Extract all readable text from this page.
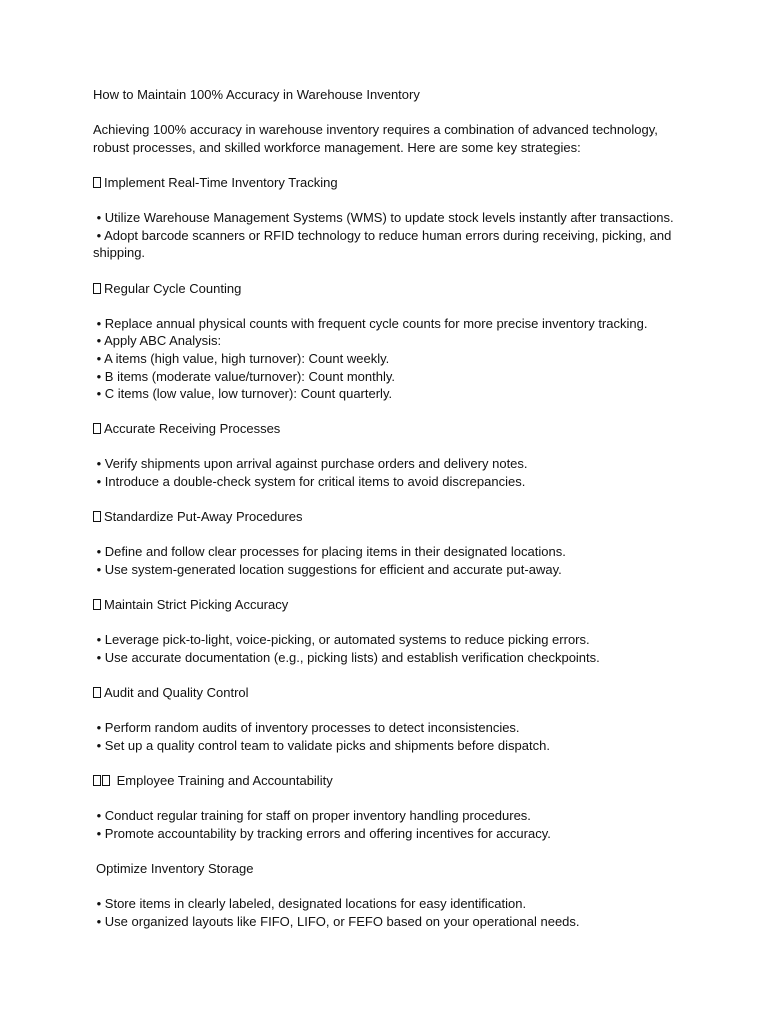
How to Maintain 100% Accuracy in Warehouse Inventory
Achieving 100% accuracy in warehouse inventory requires a combination of advanced technology,
robust processes, and skilled workforce management. Here are some key strategies:
Implement Real-Time Inventory Tracking
• Utilize Warehouse Management Systems (WMS) to update stock levels instantly after transactions.
• Adopt barcode scanners or RFID technology to reduce human errors during receiving, picking, and
shipping.
Regular Cycle Counting
• Replace annual physical counts with frequent cycle counts for more precise inventory tracking.
• Apply ABC Analysis:
• A items (high value, high turnover): Count weekly.
• B items (moderate value/turnover): Count monthly.
• C items (low value, low turnover): Count quarterly.
Accurate Receiving Processes
• Verify shipments upon arrival against purchase orders and delivery notes.
• Introduce a double-check system for critical items to avoid discrepancies.
Standardize Put-Away Procedures
• Define and follow clear processes for placing items in their designated locations.
• Use system-generated location suggestions for efficient and accurate put-away.
Maintain Strict Picking Accuracy
• Leverage pick-to-light, voice-picking, or automated systems to reduce picking errors.
• Use accurate documentation (e.g., picking lists) and establish verification checkpoints.
Audit and Quality Control
• Perform random audits of inventory processes to detect inconsistencies.
• Set up a quality control team to validate picks and shipments before dispatch.
Employee Training and Accountability
• Conduct regular training for staff on proper inventory handling procedures.
• Promote accountability by tracking errors and offering incentives for accuracy.
Optimize Inventory Storage
• Store items in clearly labeled, designated locations for easy identification.
• Use organized layouts like FIFO, LIFO, or FEFO based on your operational needs.
